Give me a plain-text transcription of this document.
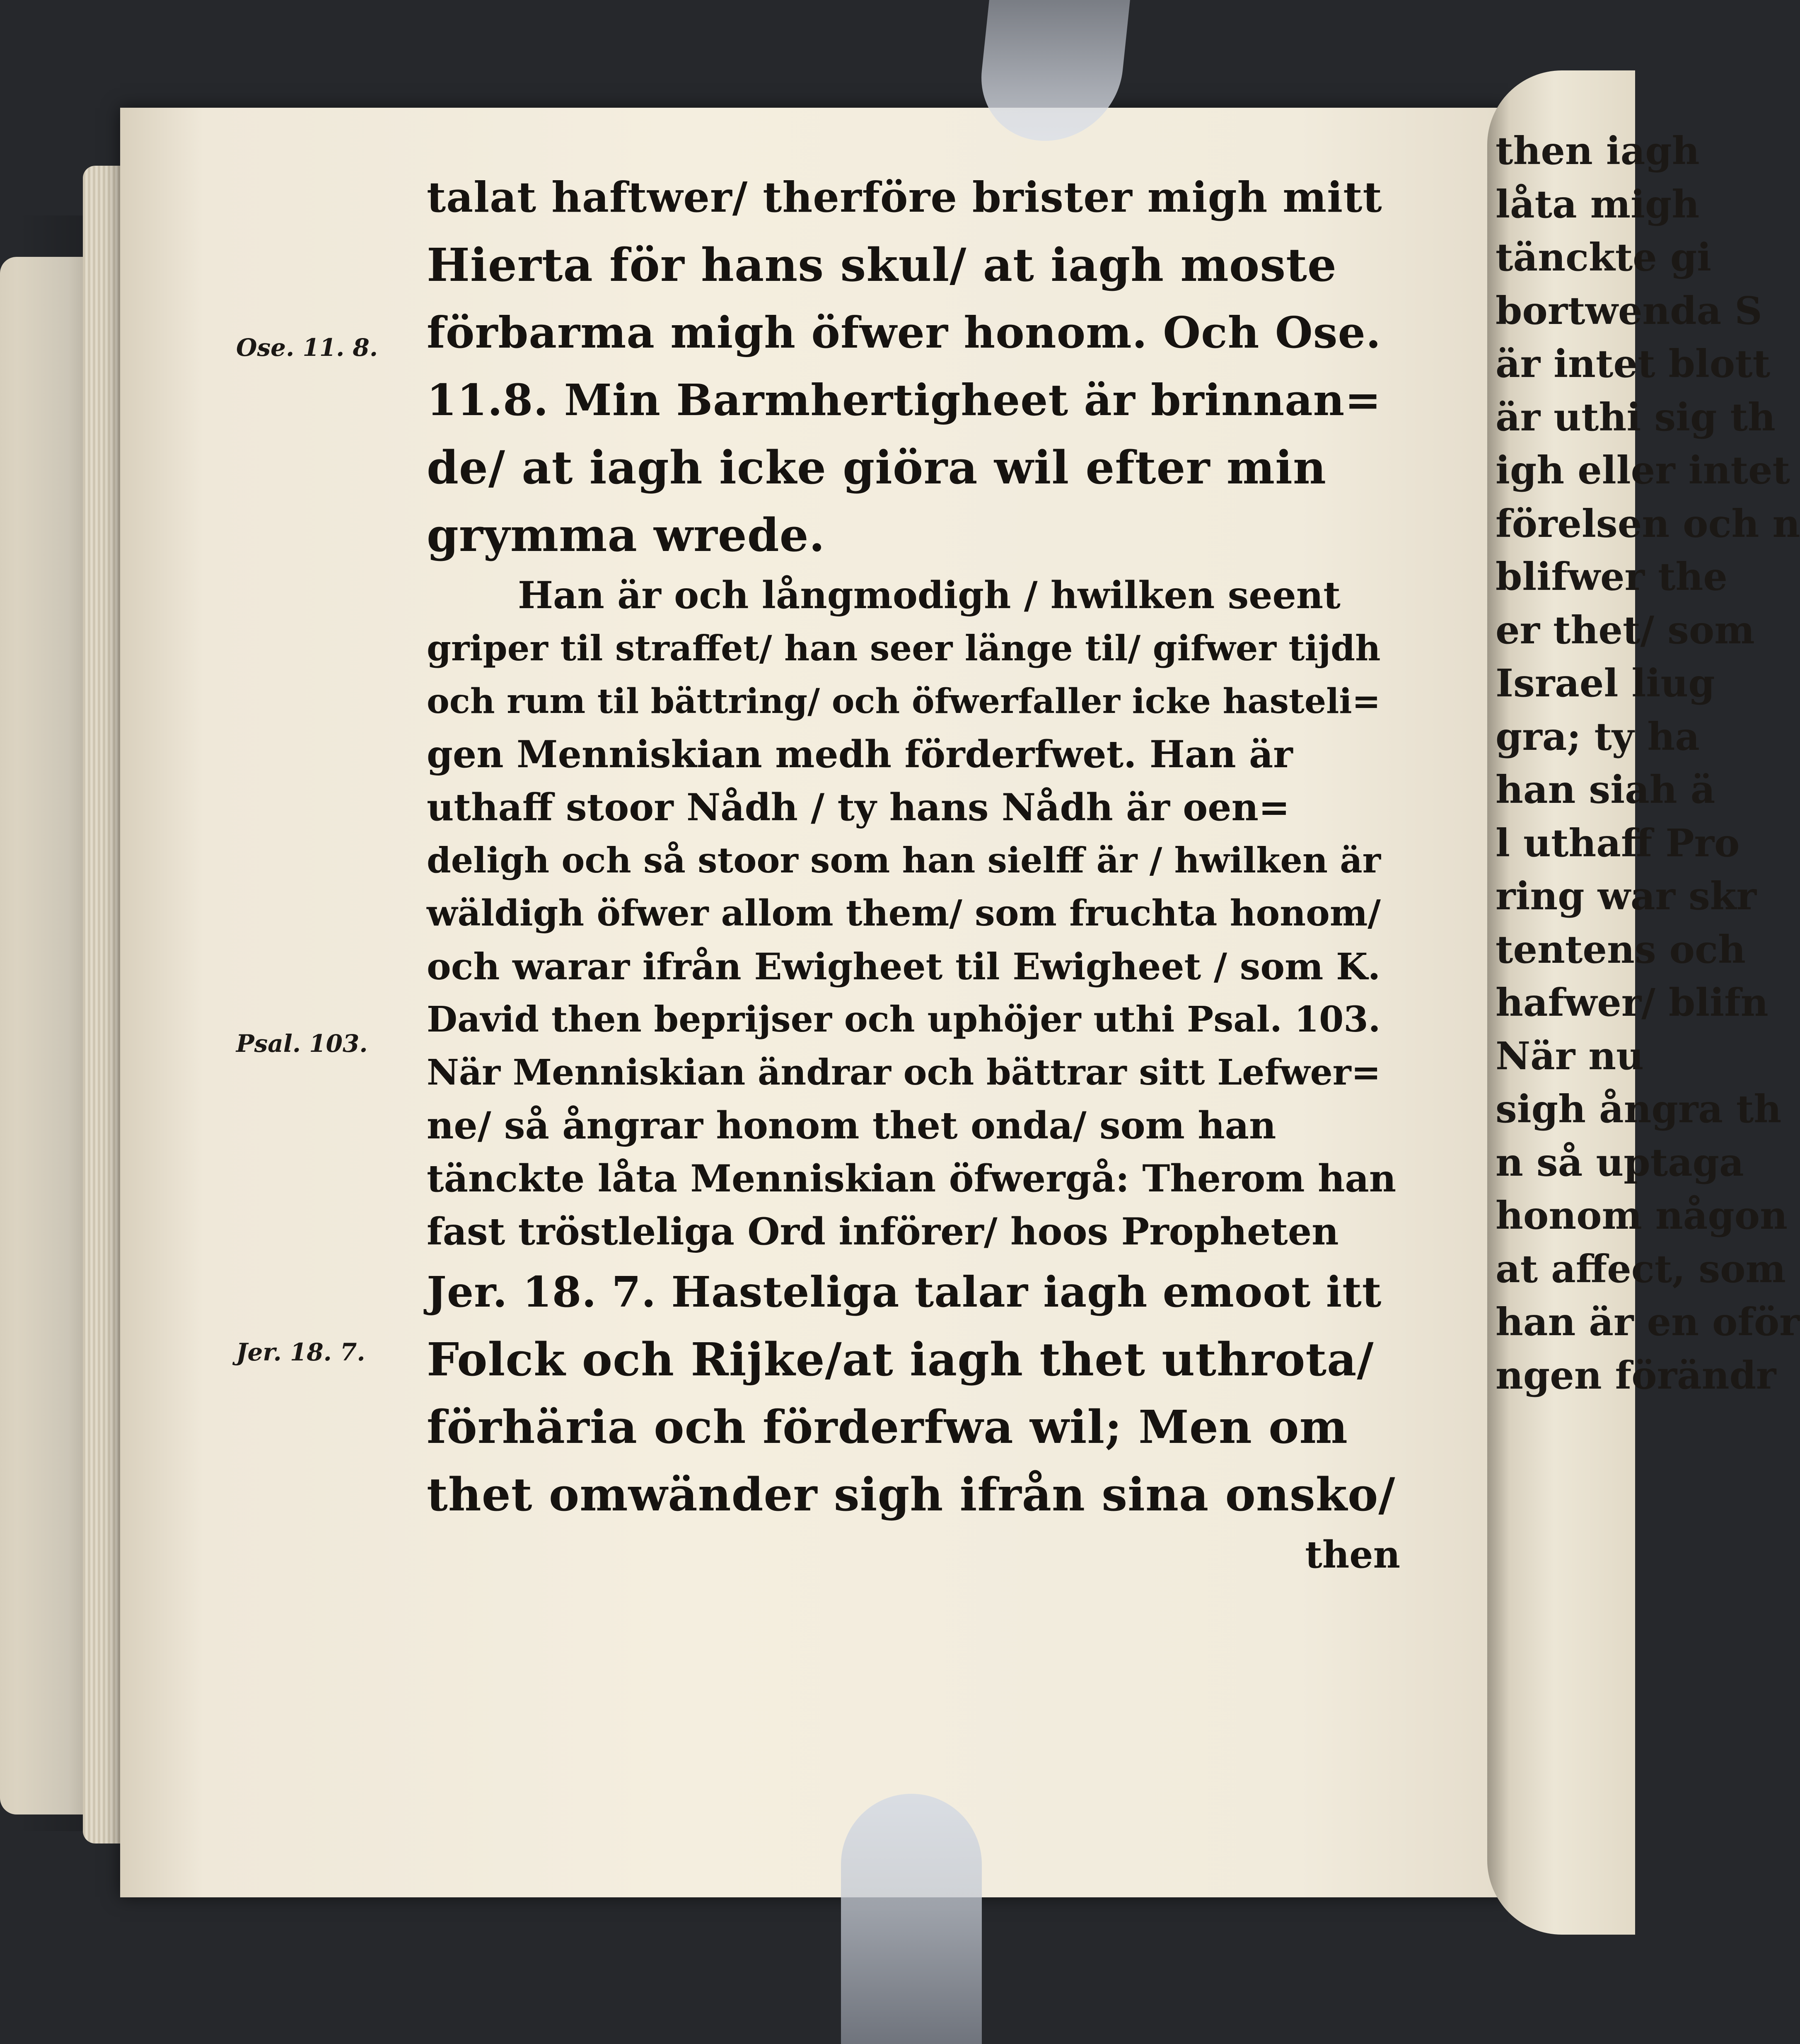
then iagh
låta migh
tänckte gi
bortwenda S
är intet blott
är uthi sig th
igh eller intet
förelsen och n
blifwer the
er thet/ som
Israel liug
gra; ty ha
han siah ä
l uthaff Pro
ring war skr
tentens och
hafwer/ blifn
När nu
sigh ångra th
n så uptaga
honom någon
at affect, som
han är en oför
ngen förändr
Ose. 11. 8.
Psal. 103.
Jer. 18. 7.
talat haftwer/ therföre brister migh mitt
Hierta för hans skul/ at iagh moste
förbarma migh öfwer honom. Och Ose.
11.8. Min Barmhertigheet är brinnan=
de/ at iagh icke giöra wil efter min
grymma wrede.
Han är och långmodigh / hwilken seent
griper til straffet/ han seer länge til/ gifwer tijdh
och rum til bättring/ och öfwerfaller icke hasteli=
gen Menniskian medh förderfwet. Han är
uthaff stoor Nådh / ty hans Nådh är oen=
deligh och så stoor som han sielff är / hwilken är
wäldigh öfwer allom them/ som fruchta honom/
och warar ifrån Ewigheet til Ewigheet / som K.
David then beprijser och uphöjer uthi Psal. 103.
När Menniskian ändrar och bättrar sitt Lefwer=
ne/ så ångrar honom thet onda/ som han
tänckte låta Menniskian öfwergå: Therom han
fast tröstleliga Ord införer/ hoos Propheten
Jer. 18. 7. Hasteliga talar iagh emoot itt
Folck och Rijke/at iagh thet uthrota/
förhäria och förderfwa wil; Men om
thet omwänder sigh ifrån sina onsko/
then
